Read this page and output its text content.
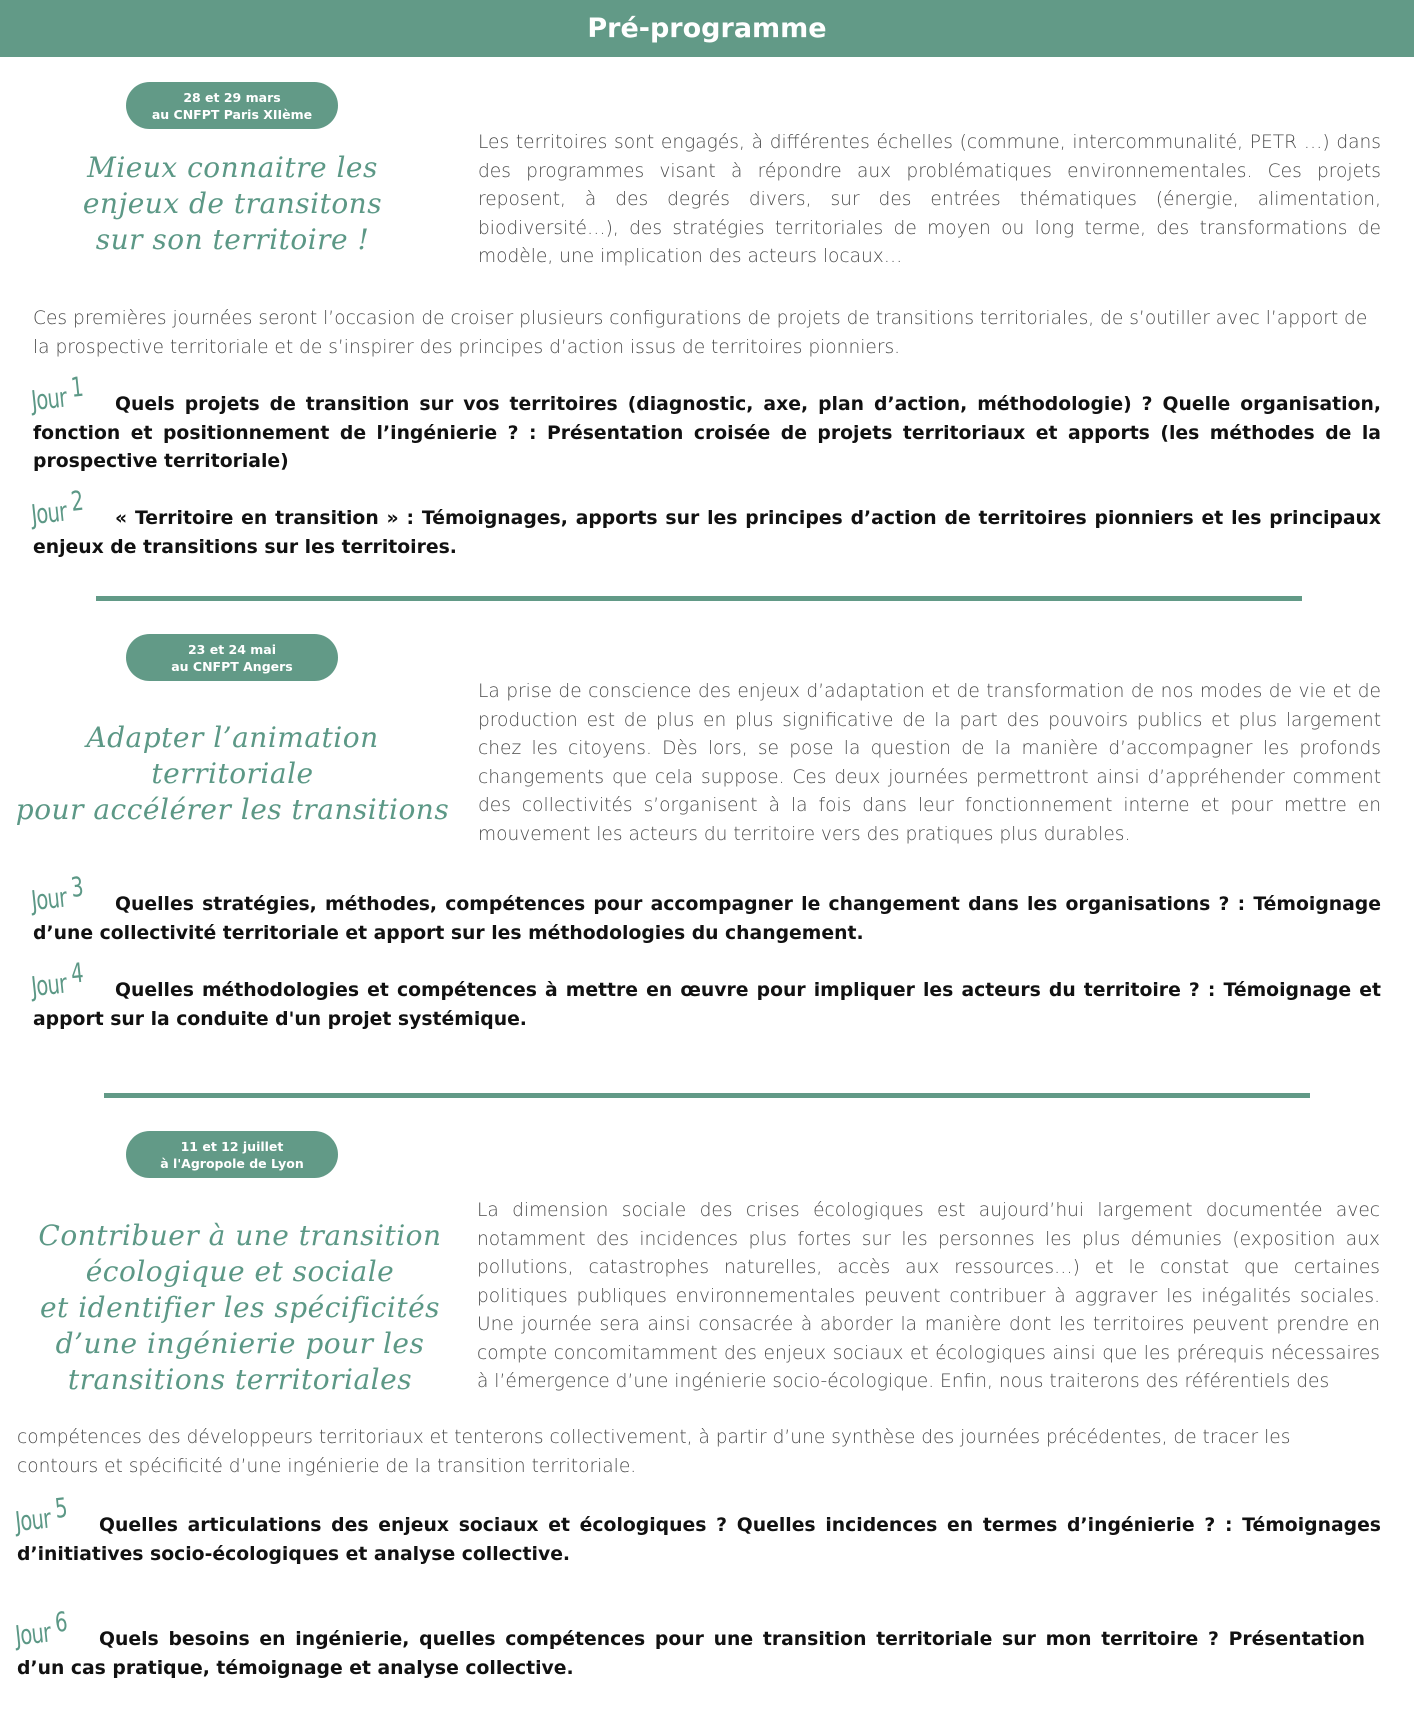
Pré-programme
28 et 29 mars
au CNFPT Paris XIIème
Mieux connaitre les
enjeux de transitons
sur son territoire !
Les territoires sont engagés, à différentes échelles (commune, intercommunalité, PETR …) dans des programmes visant à répondre aux problématiques environnementales. Ces projets reposent, à des degrés divers, sur des entrées thématiques (énergie, alimentation, biodiversité…), des stratégies territoriales de moyen ou long terme, des transformations de modèle, une implication des acteurs locaux…
Ces premières journées seront l’occasion de croiser plusieurs configurations de projets de transitions territoriales, de s’outiller avec l’apport de la prospective territoriale et de s’inspirer des principes d’action issus de territoires pionniers.
Jour1Quels projets de transition sur vos territoires (diagnostic, axe, plan d’action, méthodologie) ? Quelle organisation, fonction et positionnement de l’ingénierie ? : Présentation croisée de projets territoriaux et apports (les méthodes de la prospective territoriale)
Jour2« Territoire en transition » : Témoignages, apports sur les principes d’action de territoires pionniers et les principaux enjeux de transitions sur les territoires.
23 et 24 mai
au CNFPT Angers
Adapter l’animation
territoriale
pour accélérer les transitions
La prise de conscience des enjeux d’adaptation et de transformation de nos modes de vie et de production est de plus en plus significative de la part des pouvoirs publics et plus largement chez les citoyens. Dès lors, se pose la question de la manière d’accompagner les profonds changements que cela suppose. Ces deux journées permettront ainsi d’appréhender comment des collectivités s’organisent à la fois dans leur fonctionnement interne et pour mettre en mouvement les acteurs du territoire vers des pratiques plus durables.
Jour3Quelles stratégies, méthodes, compétences pour accompagner le changement dans les organisations ? : Témoignage d’une collectivité territoriale et apport sur les méthodologies du changement.
Jour4Quelles méthodologies et compétences à mettre en œuvre pour impliquer les acteurs du territoire ? : Témoignage et apport sur la conduite d'un projet systémique.
11 et 12 juillet
à l'Agropole de Lyon
Contribuer à une transition
écologique et sociale
et identifier les spécificités
d’une ingénierie pour les
transitions territoriales
La dimension sociale des crises écologiques est aujourd’hui largement documentée avec notamment des incidences plus fortes sur les personnes les plus démunies (exposition aux pollutions, catastrophes naturelles, accès aux ressources…) et le constat que certaines politiques publiques environnementales peuvent contribuer à aggraver les inégalités sociales. Une journée sera ainsi consacrée à aborder la manière dont les territoires peuvent prendre en compte concomitamment des enjeux sociaux et écologiques ainsi que les prérequis nécessaires à l’émergence d’une ingénierie socio-écologique. Enfin, nous traiterons des référentiels des
compétences des développeurs territoriaux et tenterons collectivement, à partir d’une synthèse des journées précédentes, de tracer les contours et spécificité d’une ingénierie de la transition territoriale.
Jour5Quelles articulations des enjeux sociaux et écologiques ? Quelles incidences en termes d’ingénierie ? : Témoignages d’initiatives socio-écologiques et analyse collective.
Jour6Quels besoins en ingénierie, quelles compétences pour une transition territoriale sur mon territoire ? Présentation d’un cas pratique, témoignage et analyse collective.
